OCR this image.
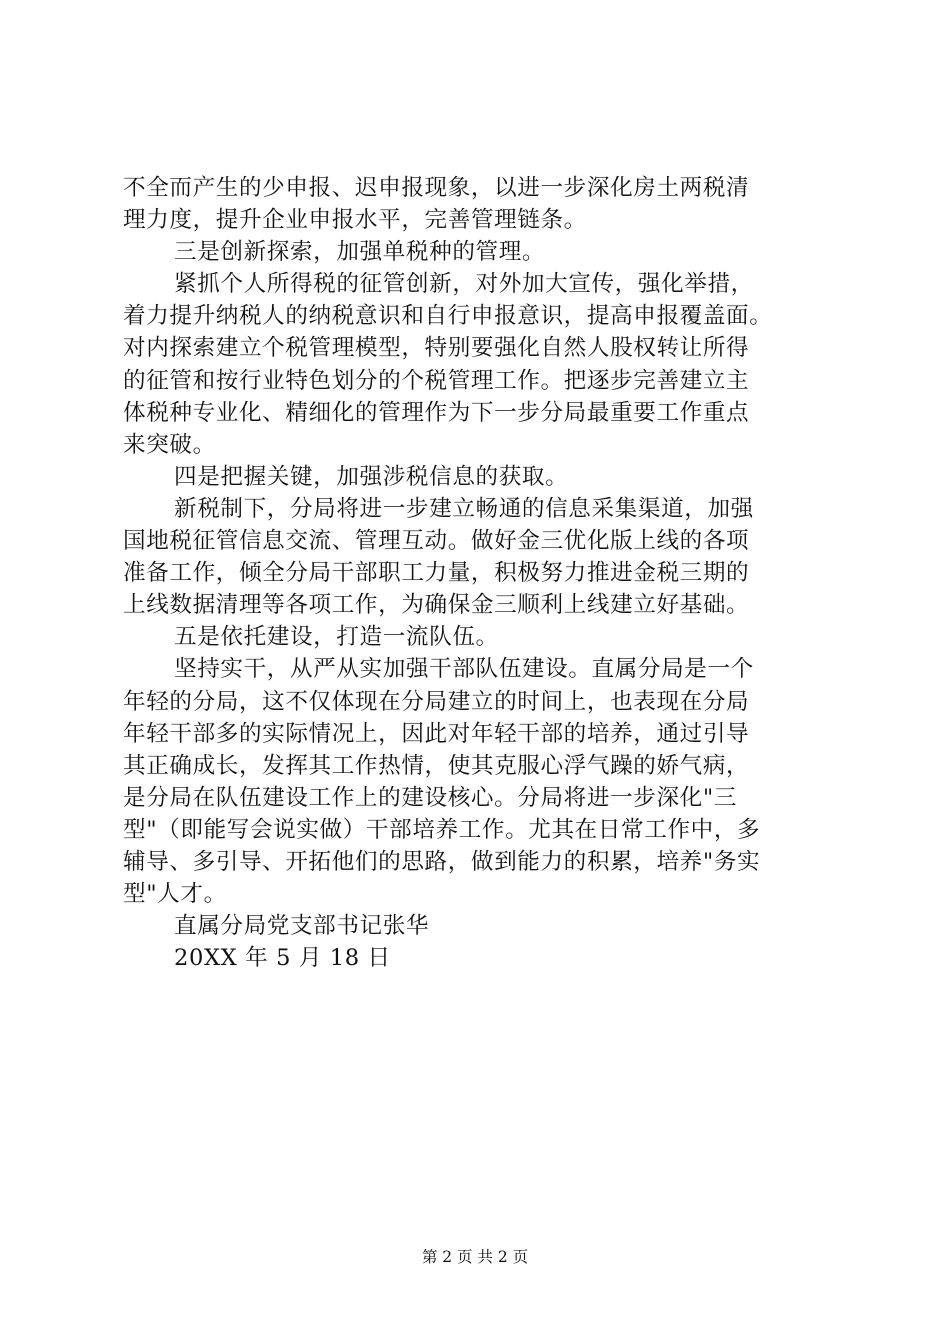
不全而产生的少申报、迟申报现象，以进一步深化房土两税清
理力度，提升企业申报水平，完善管理链条。
三是创新探索，加强单税种的管理。
紧抓个人所得税的征管创新，对外加大宣传，强化举措，
着力提升纳税人的纳税意识和自行申报意识，提高申报覆盖面。
对内探索建立个税管理模型，特别要强化自然人股权转让所得
的征管和按行业特色划分的个税管理工作。把逐步完善建立主
体税种专业化、精细化的管理作为下一步分局最重要工作重点
来突破。
四是把握关键，加强涉税信息的获取。
新税制下，分局将进一步建立畅通的信息采集渠道，加强
国地税征管信息交流、管理互动。做好金三优化版上线的各项
准备工作，倾全分局干部职工力量，积极努力推进金税三期的
上线数据清理等各项工作，为确保金三顺利上线建立好基础。
五是依托建设，打造一流队伍。
坚持实干，从严从实加强干部队伍建设。直属分局是一个
年轻的分局，这不仅体现在分局建立的时间上，也表现在分局
年轻干部多的实际情况上，因此对年轻干部的培养，通过引导
其正确成长，发挥其工作热情，使其克服心浮气躁的娇气病，
是分局在队伍建设工作上的建设核心。分局将进一步深化"三
型"（即能写会说实做）干部培养工作。尤其在日常工作中，多
辅导、多引导、开拓他们的思路，做到能力的积累，培养"务实
型"人才。
直属分局党支部书记张华
20XX 年 5 月 18 日
第 2 页 共 2 页
